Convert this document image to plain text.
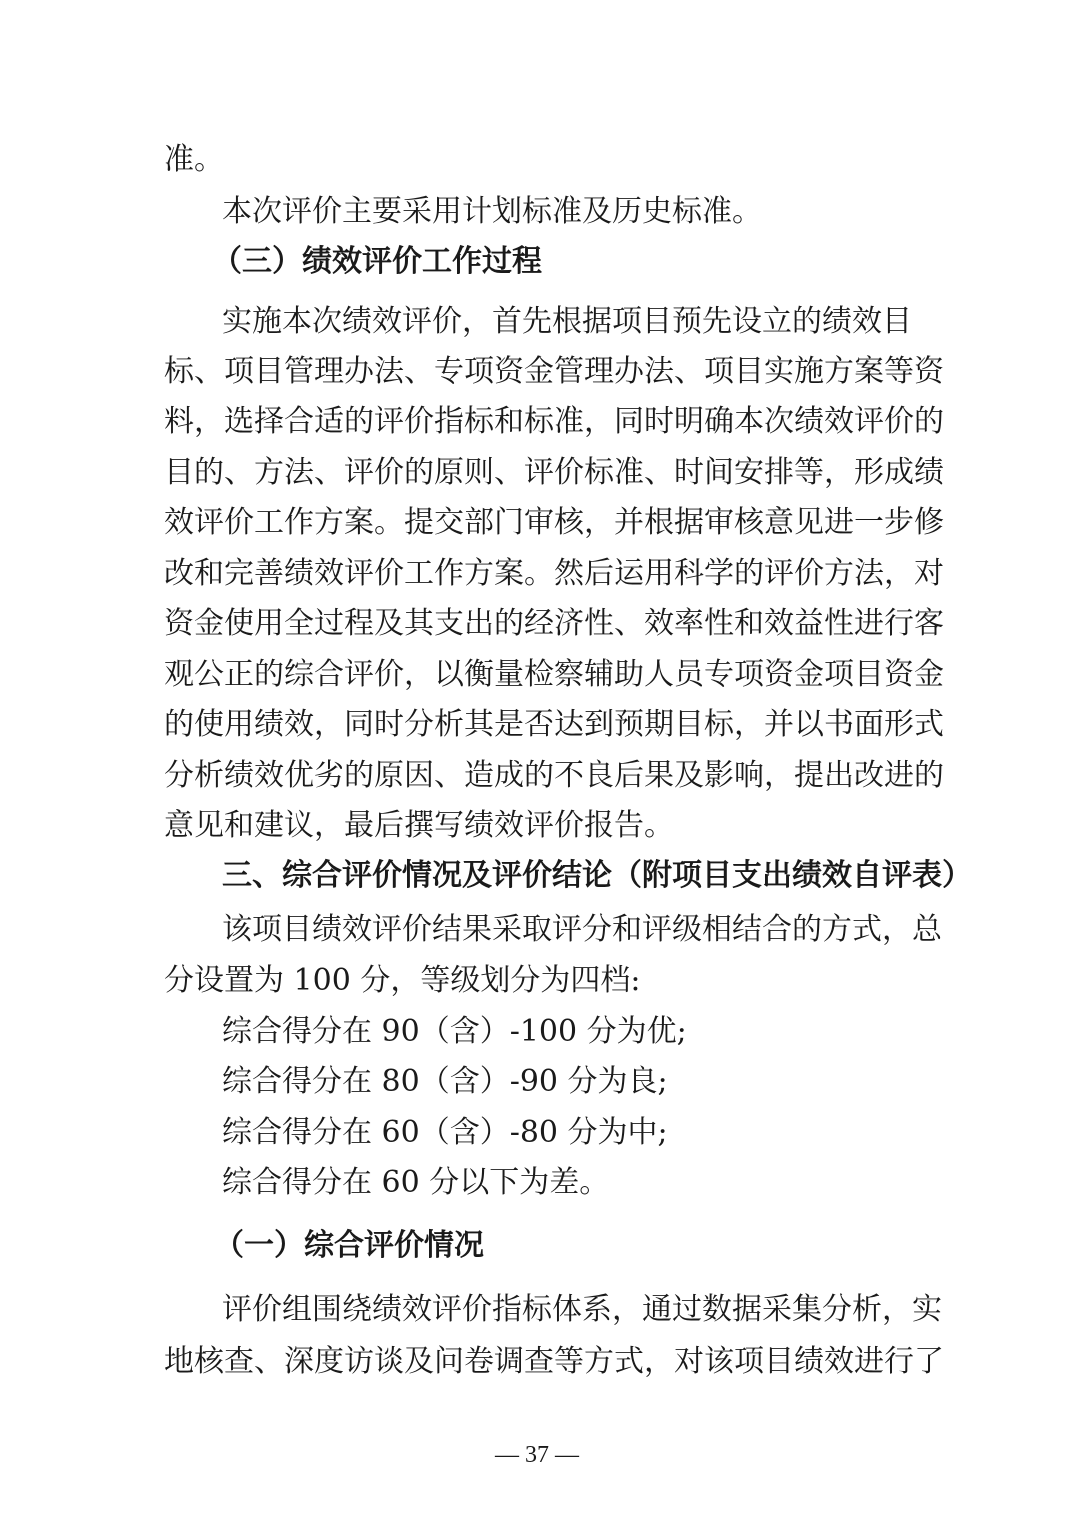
准。
本次评价主要采用计划标准及历史标准。
（三）绩效评价工作过程
实施本次绩效评价，首先根据项目预先设立的绩效目
标、项目管理办法、专项资金管理办法、项目实施方案等资
料，选择合适的评价指标和标准，同时明确本次绩效评价的
目的、方法、评价的原则、评价标准、时间安排等，形成绩
效评价工作方案。提交部门审核，并根据审核意见进一步修
改和完善绩效评价工作方案。然后运用科学的评价方法，对
资金使用全过程及其支出的经济性、效率性和效益性进行客
观公正的综合评价，以衡量检察辅助人员专项资金项目资金
的使用绩效，同时分析其是否达到预期目标，并以书面形式
分析绩效优劣的原因、造成的不良后果及影响，提出改进的
意见和建议，最后撰写绩效评价报告。
三、综合评价情况及评价结论（附项目支出绩效自评表）
该项目绩效评价结果采取评分和评级相结合的方式，总
分设置为 100 分，等级划分为四档:
综合得分在 90（含）-100 分为优;
综合得分在 80（含）-90 分为良;
综合得分在 60（含）-80 分为中;
综合得分在 60 分以下为差。
（一）综合评价情况
评价组围绕绩效评价指标体系，通过数据采集分析，实
地核查、深度访谈及问卷调查等方式，对该项目绩效进行了
— 37 —
